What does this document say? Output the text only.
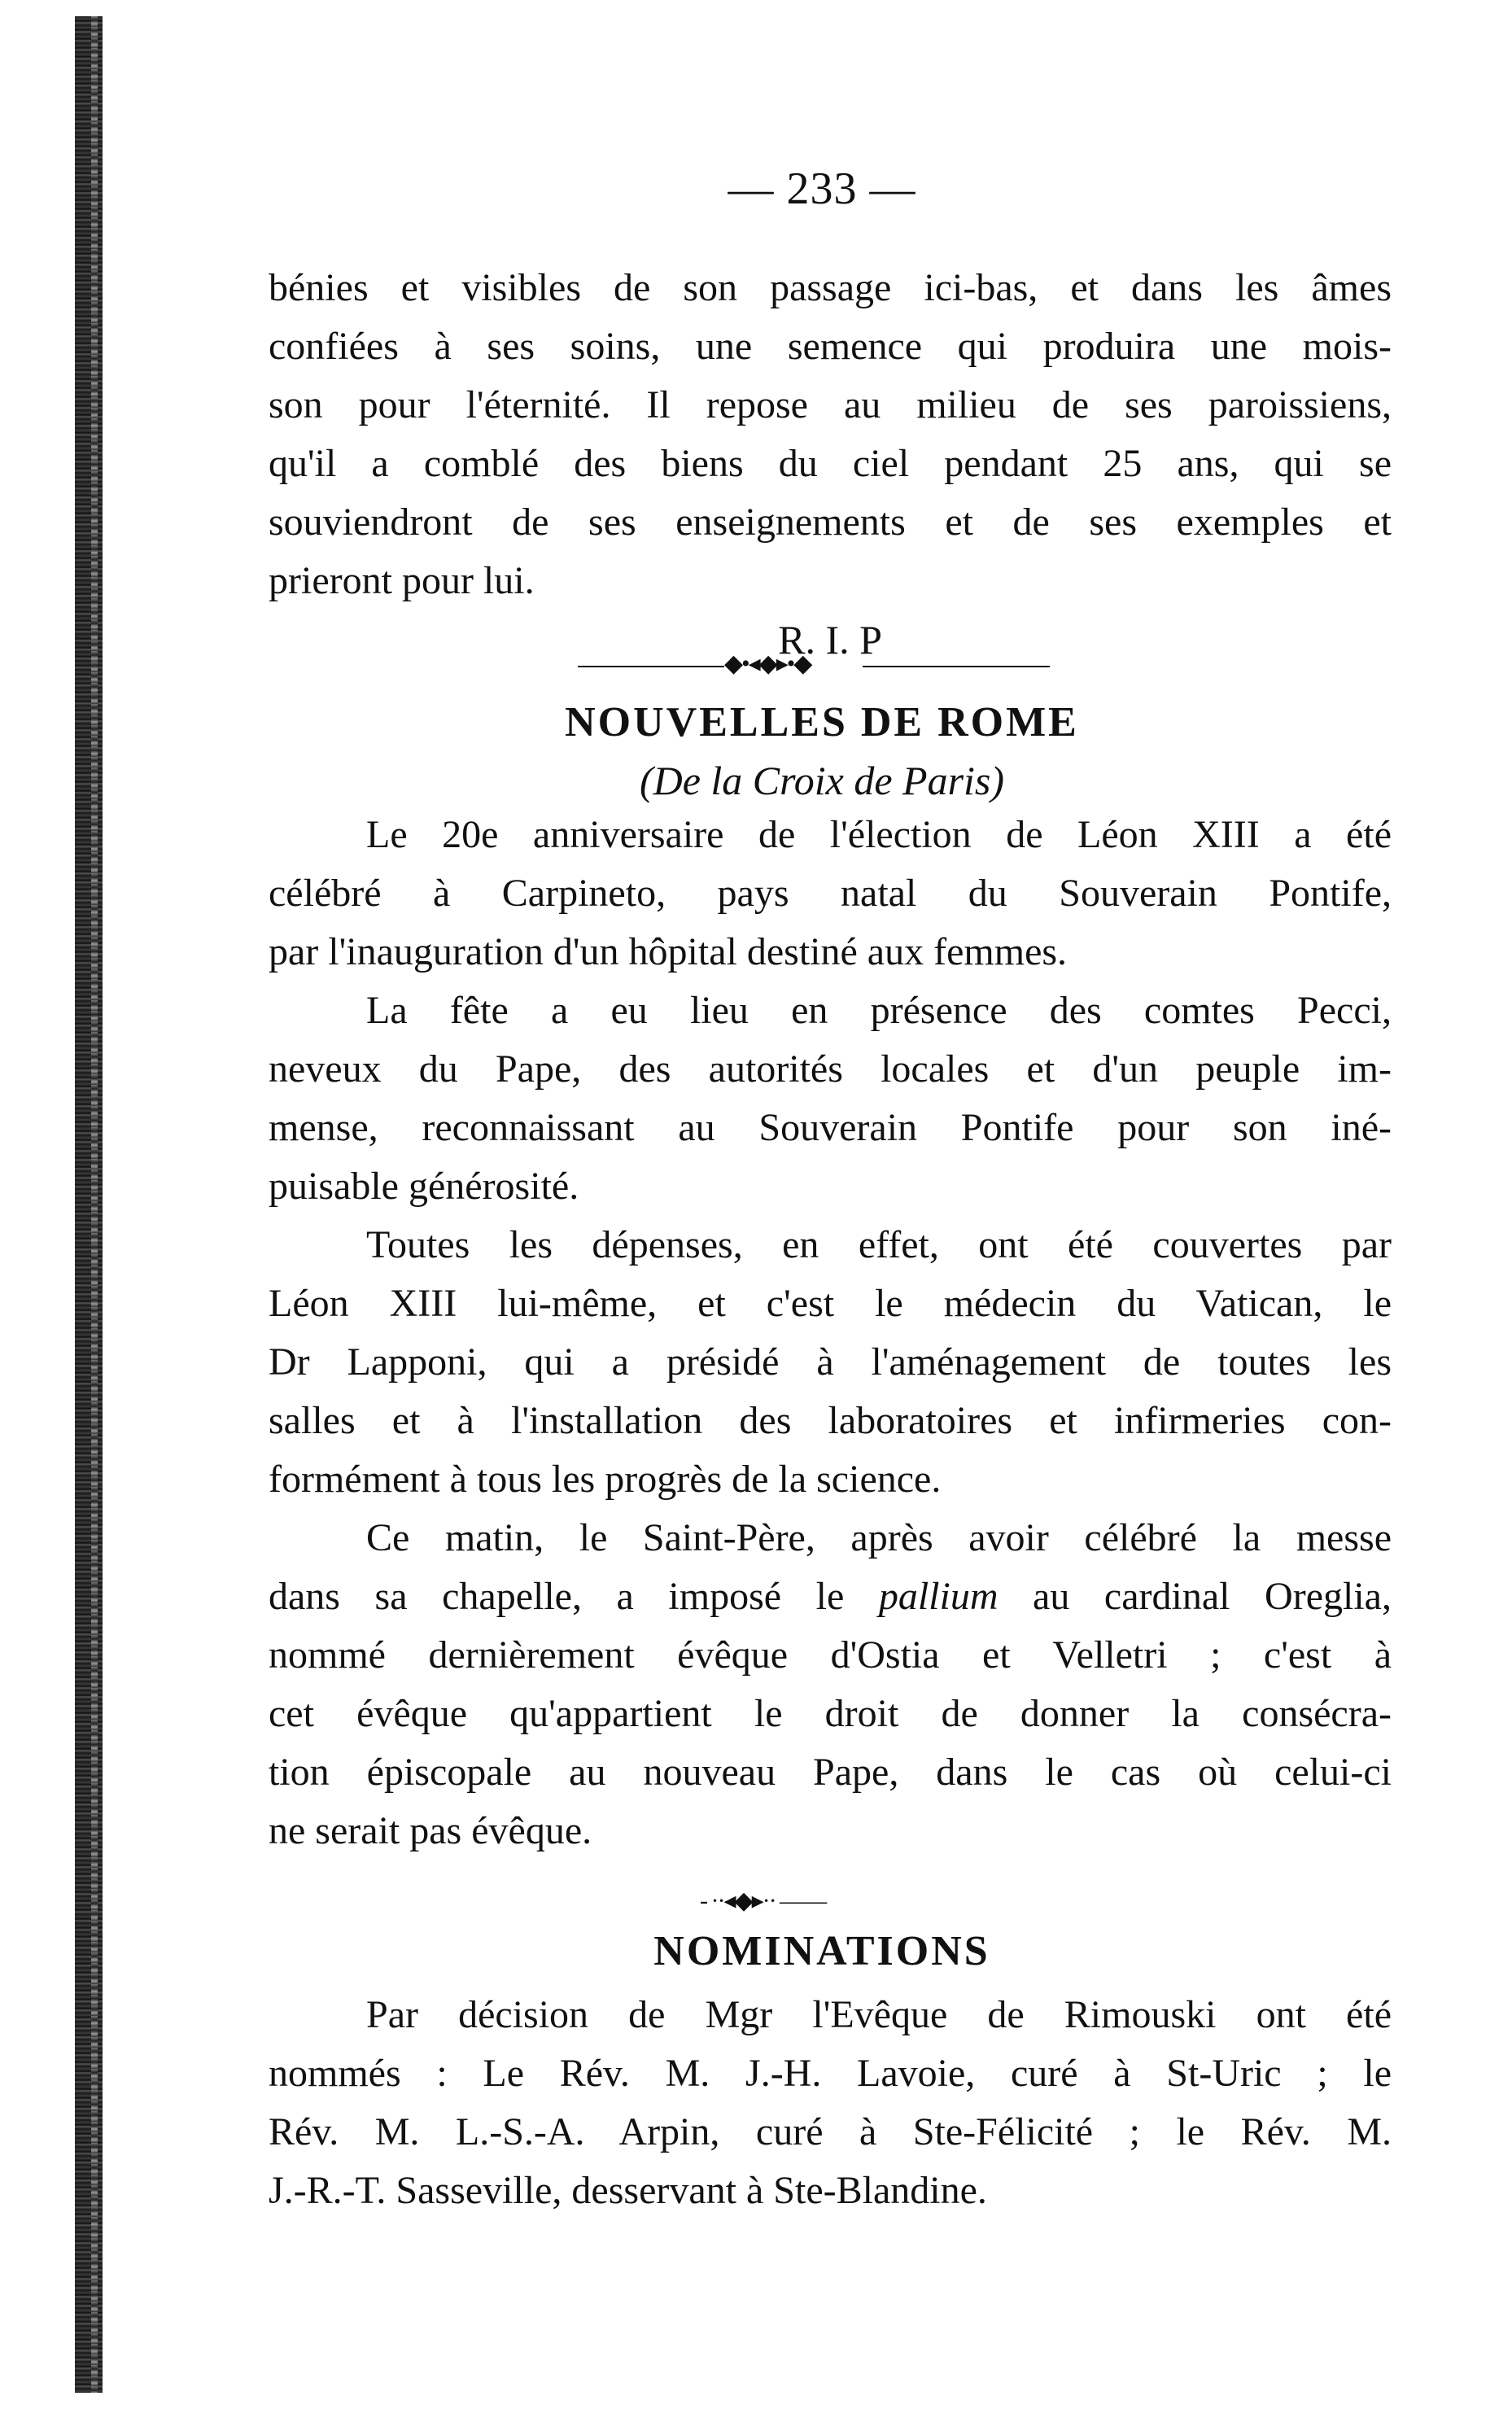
— 233 —
bénies et visibles de son passage ici-bas, et dans les âmes
confiées à ses soins, une semence qui produira une mois-
son pour l'éternité. Il repose au milieu de ses paroissiens,
qu'il a comblé des biens du ciel pendant 25 ans, qui se
souviendront de ses enseignements et de ses exemples et
prieront pour lui.
R. I. P
◆•◂◆▸•◆
NOUVELLES DE ROME
(De la Croix de Paris)
Le 20e anniversaire de l'élection de Léon XIII a été
célébré à Carpineto, pays natal du Souverain Pontife,
par l'inauguration d'un hôpital destiné aux femmes.
La fête a eu lieu en présence des comtes Pecci,
neveux du Pape, des autorités locales et d'un peuple im-
mense, reconnaissant au Souverain Pontife pour son iné-
puisable générosité.
Toutes les dépenses, en effet, ont été couvertes par
Léon XIII lui-même, et c'est le médecin du Vatican, le
Dr Lapponi, qui a présidé à l'aménagement de toutes les
salles et à l'installation des laboratoires et infirmeries con-
formément à tous les progrès de la science.
Ce matin, le Saint-Père, après avoir célébré la messe
dans sa chapelle, a imposé le pallium au cardinal Oreglia,
nommé dernièrement évêque d'Ostia et Velletri ; c'est à
cet évêque qu'appartient le droit de donner la consécra-
tion épiscopale au nouveau Pape, dans le cas où celui-ci
ne serait pas évêque.
- ··◂◆▸·· ——
NOMINATIONS
Par décision de Mgr l'Evêque de Rimouski ont été
nommés : Le Rév. M. J.-H. Lavoie, curé à St-Uric ; le
Rév. M. L.-S.-A. Arpin, curé à Ste-Félicité ; le Rév. M.
J.-R.-T. Sasseville, desservant à Ste-Blandine.
